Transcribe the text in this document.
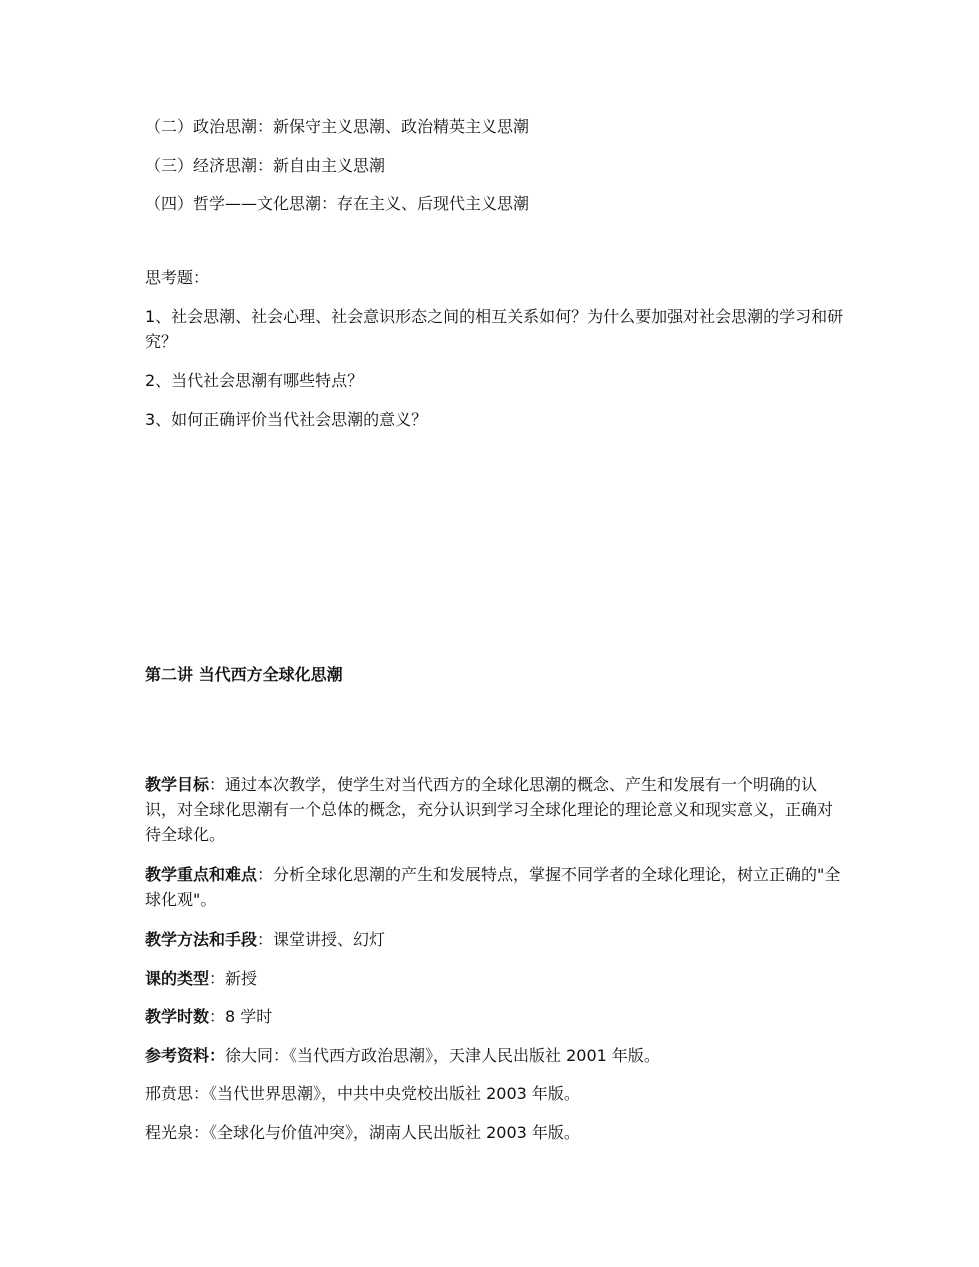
（二）政治思潮：新保守主义思潮、政治精英主义思潮

（三）经济思潮：新自由主义思潮

（四）哲学——文化思潮：存在主义、后现代主义思潮

思考题：

1、社会思潮、社会心理、社会意识形态之间的相互关系如何？为什么要加强对社会思潮的学习和研究？

2、当代社会思潮有哪些特点？

3、如何正确评价当代社会思潮的意义？

第二讲 当代西方全球化思潮

教学目标：通过本次教学，使学生对当代西方的全球化思潮的概念、产生和发展有一个明确的认识，对全球化思潮有一个总体的概念，充分认识到学习全球化理论的理论意义和现实意义，正确对待全球化。

教学重点和难点：分析全球化思潮的产生和发展特点，掌握不同学者的全球化理论，树立正确的"全球化观"。

教学方法和手段：课堂讲授、幻灯

课的类型：新授

教学时数：8 学时

参考资料：徐大同：《当代西方政治思潮》，天津人民出版社 2001 年版。

邢贲思：《当代世界思潮》，中共中央党校出版社 2003 年版。

程光泉：《全球化与价值冲突》，湖南人民出版社 2003 年版。
